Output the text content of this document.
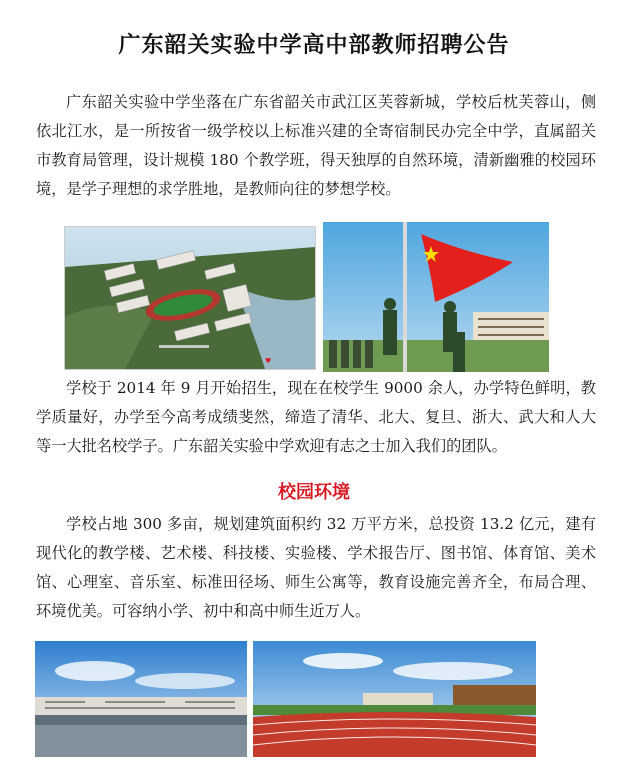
广东韶关实验中学高中部教师招聘公告

广东韶关实验中学坐落在广东省韶关市武江区芙蓉新城，学校后枕芙蓉山，侧依北江水，是一所按省一级学校以上标准兴建的全寄宿制民办完全中学，直属韶关市教育局管理，设计规模 180 个教学班，得天独厚的自然环境，清新幽雅的校园环境，是学子理想的求学胜地，是教师向往的梦想学校。

♥

学校于 2014 年 9 月开始招生，现在在校学生 9000 余人，办学特色鲜明，教学质量好，办学至今高考成绩斐然，缔造了清华、北大、复旦、浙大、武大和人大等一大批名校学子。广东韶关实验中学欢迎有志之士加入我们的团队。

校园环境

学校占地 300 多亩，规划建筑面积约 32 万平方米，总投资 13.2 亿元，建有现代化的教学楼、艺术楼、科技楼、实验楼、学术报告厅、图书馆、体育馆、美术馆、心理室、音乐室、标准田径场、师生公寓等，教育设施完善齐全，布局合理、环境优美。可容纳小学、初中和高中师生近万人。
